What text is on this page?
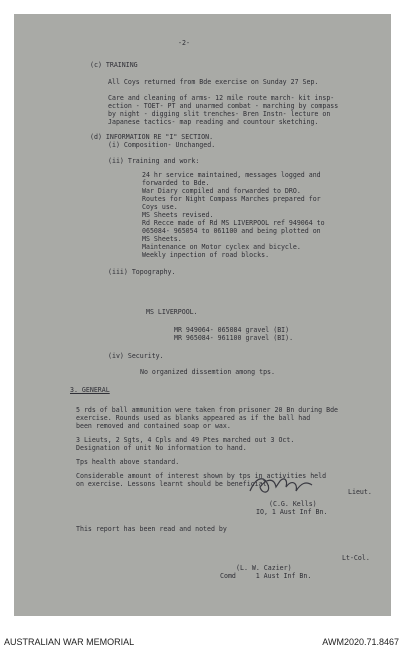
-2-
(c) TRAINING
All Coys returned from Bde exercise on Sunday 27 Sep.
Care and cleaning of arms- 12 mile route march- kit insp-
ection - TOET- PT and unarmed combat - marching by compass
by night - digging slit trenches- Bren Instn- lecture on
Japanese tactics- map reading and countour sketching.
(d) INFORMATION RE "I" SECTION.
(i) Composition- Unchanged.
(ii) Training and work:
24 hr service maintained, messages logged and
forwarded to Bde.
War Diary compiled and forwarded to DRO.
Routes for Night Compass Marches prepared for
Coys use.
MS Sheets revised.
Rd Recce made of Rd MS LIVERPOOL ref 949064 to
065084- 965054 to 061100 and being plotted on
MS Sheets.
Maintenance on Motor cyclex and bicycle.
Weekly inpection of road blocks.
(iii) Topography.
MS LIVERPOOL.
MR 949064- 065084 gravel (BI)
MR 965084- 961100 gravel (BI).
(iv) Security.
No organized dissemtion among tps.
3. GENERAL
5 rds of ball ammunition were taken from prisoner 20 Bn during Bde
exercise. Rounds used as blanks appeared as if the ball had
been removed and contained soap or wax.
3 Lieuts, 2 Sgts, 4 Cpls and 49 Ptes marched out 3 Oct.
Designation of unit No information to hand.
Tps health above standard.
Considerable amount of interest shown by tps in activities held
on exercise. Lessons learnt should be beneficial.
Lieut.
(C.G. Kells)
IO, 1 Aust Inf Bn.
This report has been read and noted by
Lt-Col.
(L. W. Cazier)
Comd     1 Aust Inf Bn.
AUSTRALIAN WAR MEMORIAL	AWM2020.71.8467
